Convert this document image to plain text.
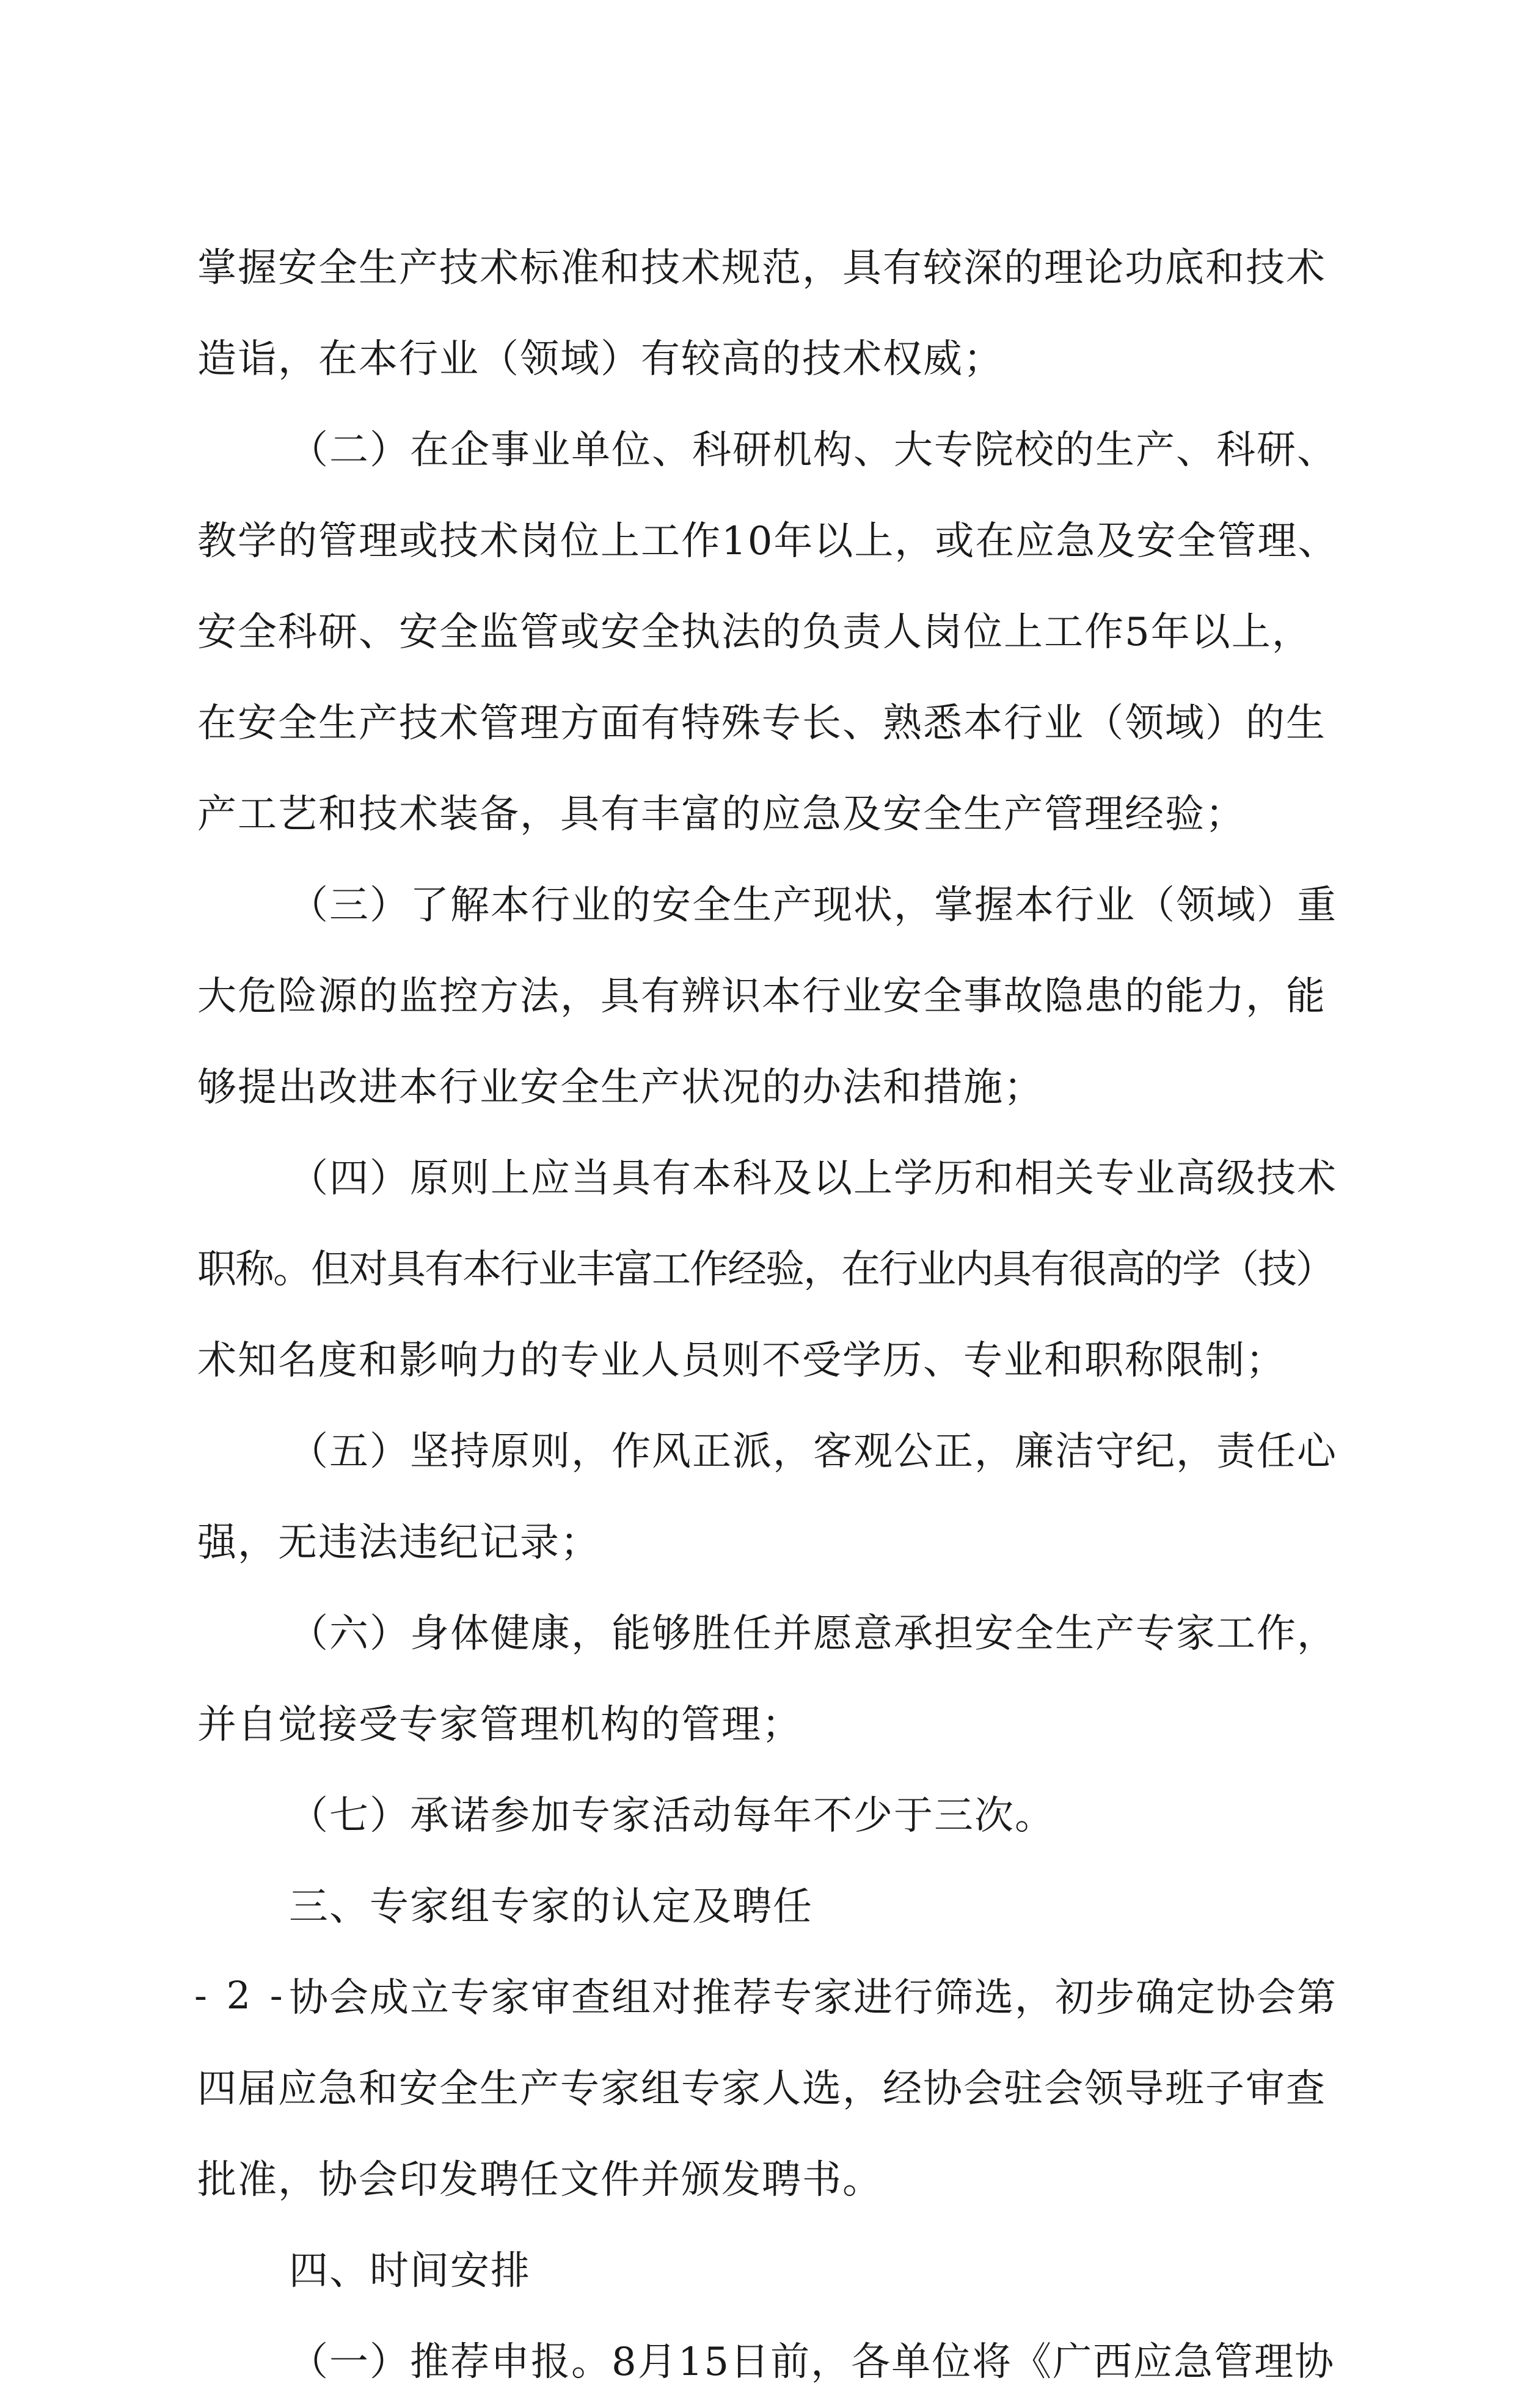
掌握安全生产技术标准和技术规范，具有较深的理论功底和技术
造诣，在本行业（领域）有较高的技术权威；
（二）在企事业单位、科研机构、大专院校的生产、科研、
教学的管理或技术岗位上工作10年以上，或在应急及安全管理、
安全科研、安全监管或安全执法的负责人岗位上工作5年以上，
在安全生产技术管理方面有特殊专长、熟悉本行业（领域）的生
产工艺和技术装备，具有丰富的应急及安全生产管理经验；
（三）了解本行业的安全生产现状，掌握本行业（领域）重
大危险源的监控方法，具有辨识本行业安全事故隐患的能力，能
够提出改进本行业安全生产状况的办法和措施；
（四）原则上应当具有本科及以上学历和相关专业高级技术
职称。但对具有本行业丰富工作经验，在行业内具有很高的学（技）
术知名度和影响力的专业人员则不受学历、专业和职称限制；
（五）坚持原则，作风正派，客观公正，廉洁守纪，责任心
强，无违法违纪记录；
（六）身体健康，能够胜任并愿意承担安全生产专家工作，
并自觉接受专家管理机构的管理；
（七）承诺参加专家活动每年不少于三次。
三、专家组专家的认定及聘任
协会成立专家审查组对推荐专家进行筛选，初步确定协会第
四届应急和安全生产专家组专家人选，经协会驻会领导班子审查
批准，协会印发聘任文件并颁发聘书。
四、时间安排
（一）推荐申报。8月15日前，各单位将《广西应急管理协
- 2 -
